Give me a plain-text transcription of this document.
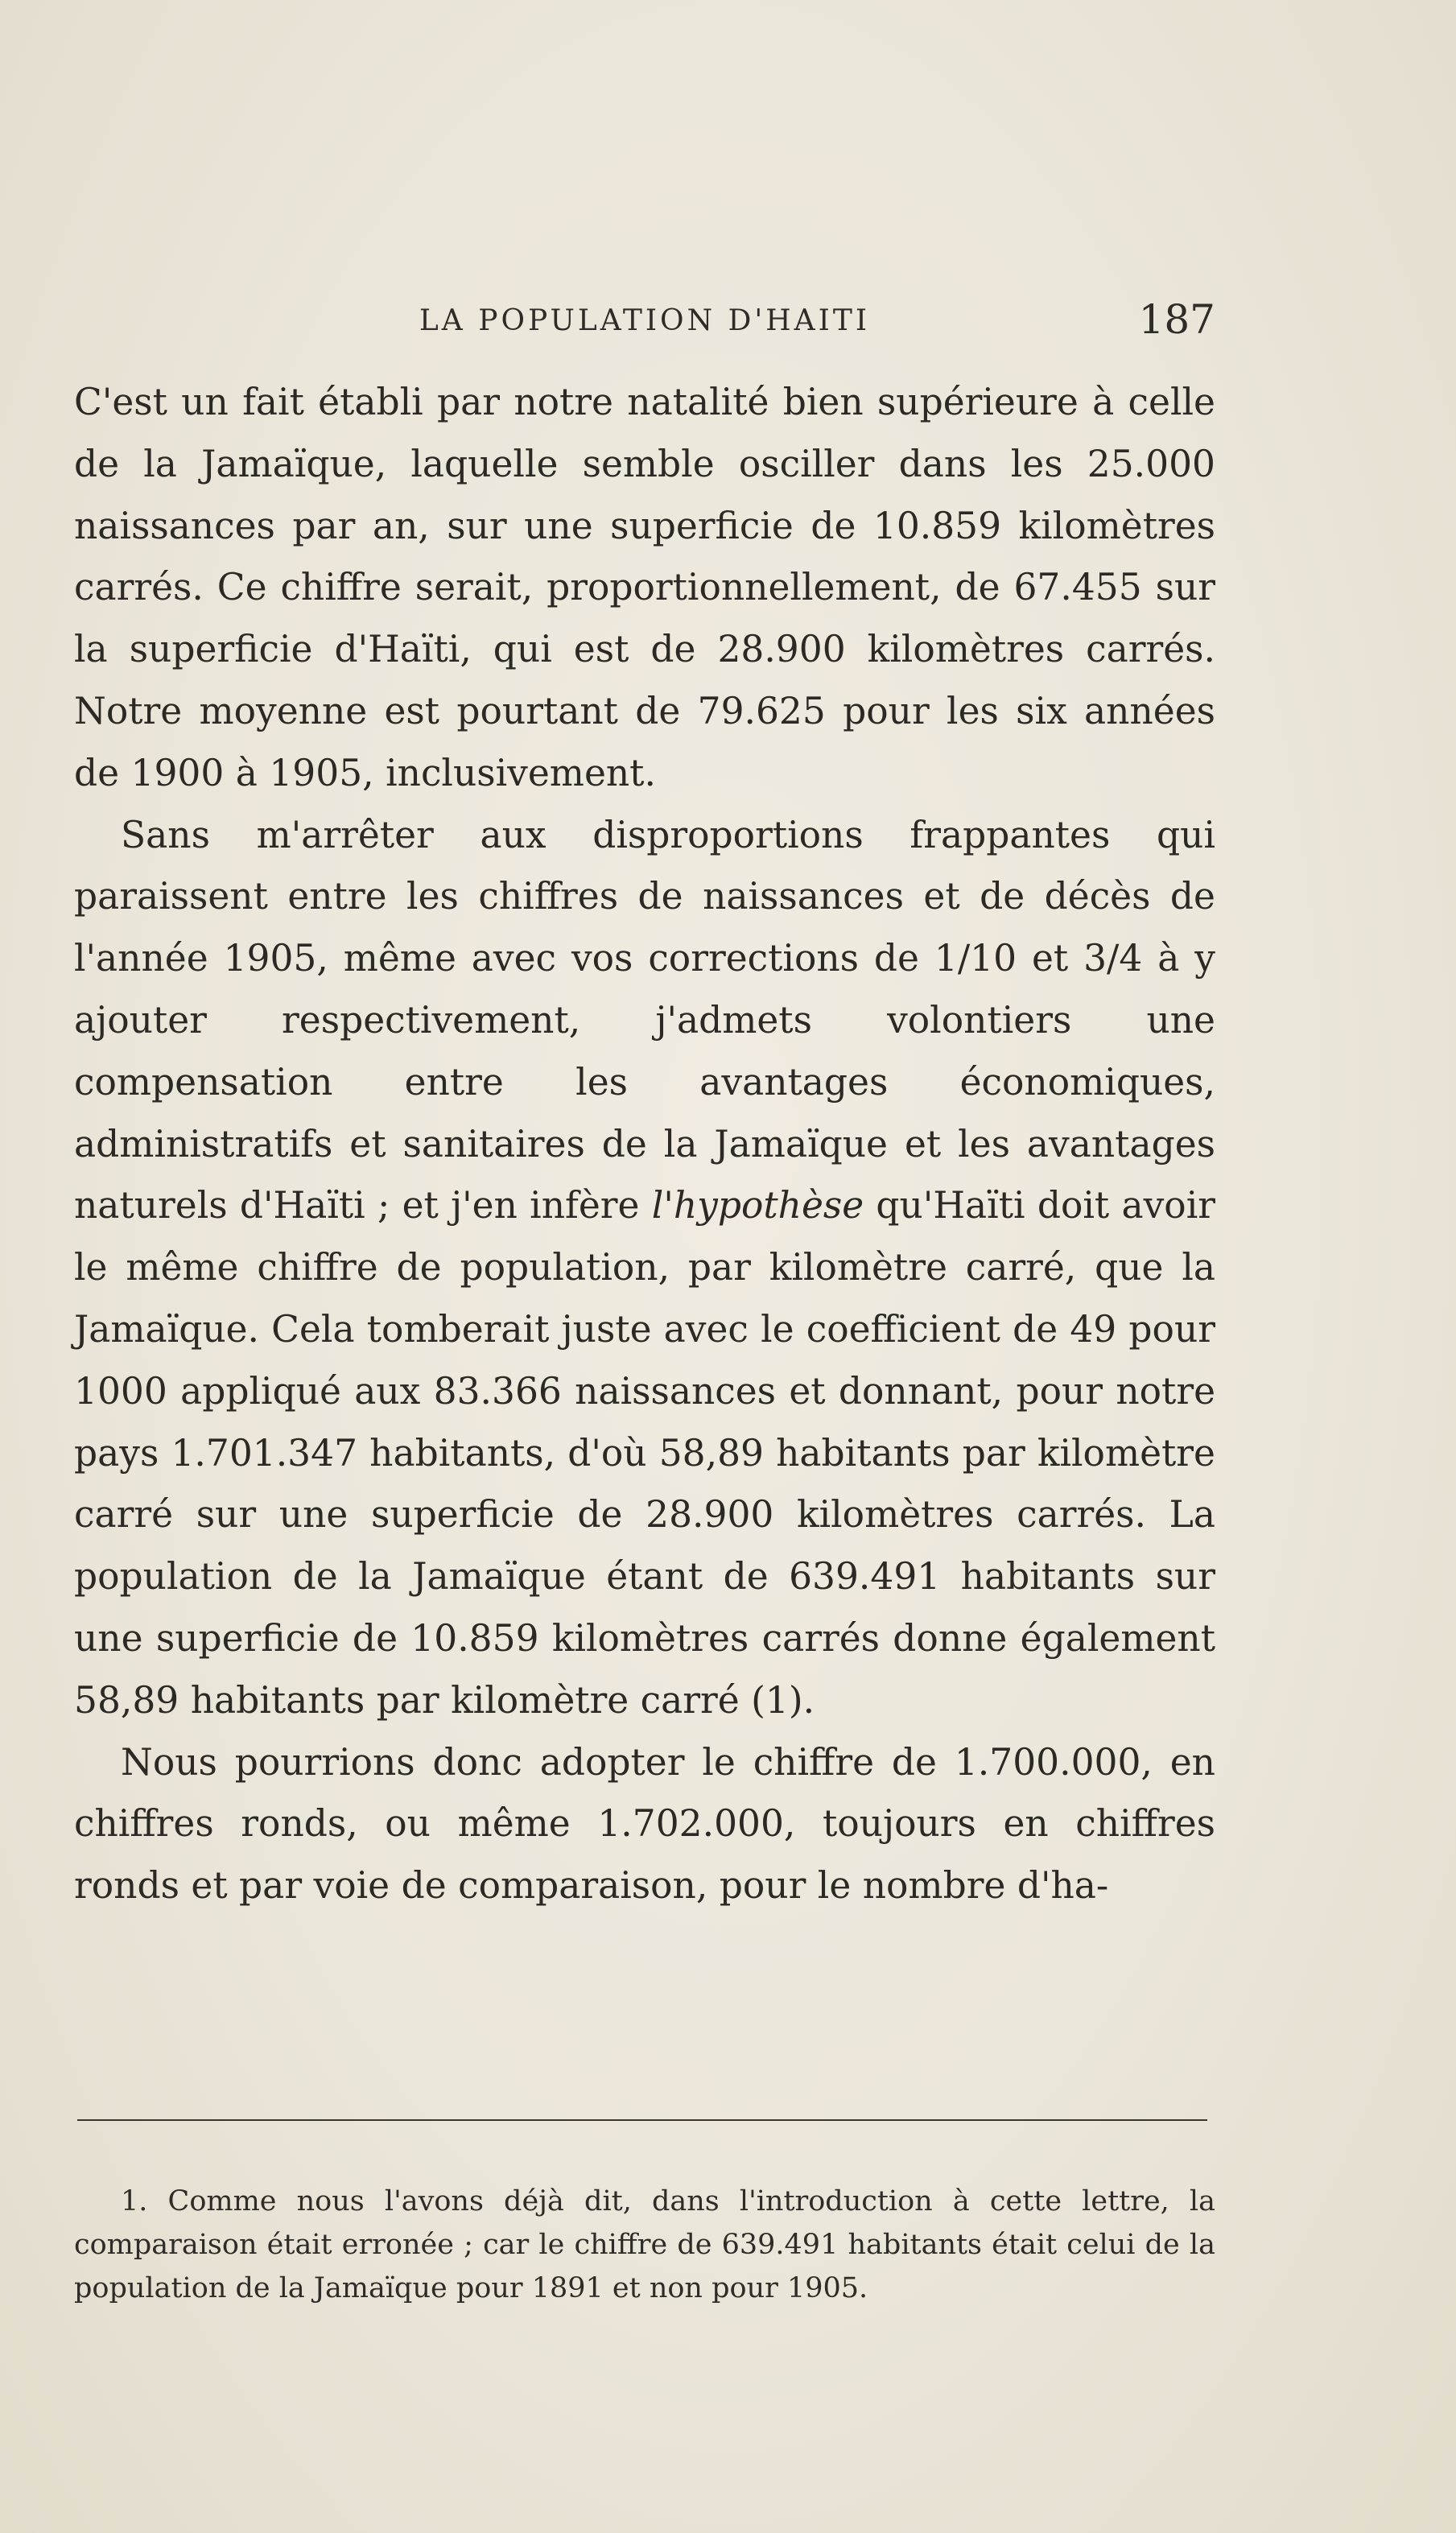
LA POPULATION D'HAITI	187

C'est un fait établi par notre natalité bien supérieure à celle de la Jamaïque, laquelle semble osciller dans les 25.000 naissances par an, sur une superficie de 10.859 kilomètres carrés. Ce chiffre serait, proportionnellement, de 67.455 sur la superficie d'Haïti, qui est de 28.900 kilomètres carrés. Notre moyenne est pourtant de 79.625 pour les six années de 1900 à 1905, inclusivement.

Sans m'arrêter aux disproportions frappantes qui paraissent entre les chiffres de naissances et de décès de l'année 1905, même avec vos corrections de 1/10 et 3/4 à y ajouter respectivement, j'admets volontiers une compensation entre les avantages économiques, administratifs et sanitaires de la Jamaïque et les avantages naturels d'Haïti ; et j'en infère l'hypothèse qu'Haïti doit avoir le même chiffre de population, par kilomètre carré, que la Jamaïque. Cela tomberait juste avec le coefficient de 49 pour 1000 appliqué aux 83.366 naissances et donnant, pour notre pays 1.701.347 habitants, d'où 58,89 habitants par kilomètre carré sur une superficie de 28.900 kilomètres carrés. La population de la Jamaïque étant de 639.491 habitants sur une superficie de 10.859 kilomètres carrés donne également 58,89 habitants par kilomètre carré (1).

Nous pourrions donc adopter le chiffre de 1.700.000, en chiffres ronds, ou même 1.702.000, toujours en chiffres ronds et par voie de comparaison, pour le nombre d'ha-

1. Comme nous l'avons déjà dit, dans l'introduction à cette lettre, la comparaison était erronée ; car le chiffre de 639.491 habitants était celui de la population de la Jamaïque pour 1891 et non pour 1905.
